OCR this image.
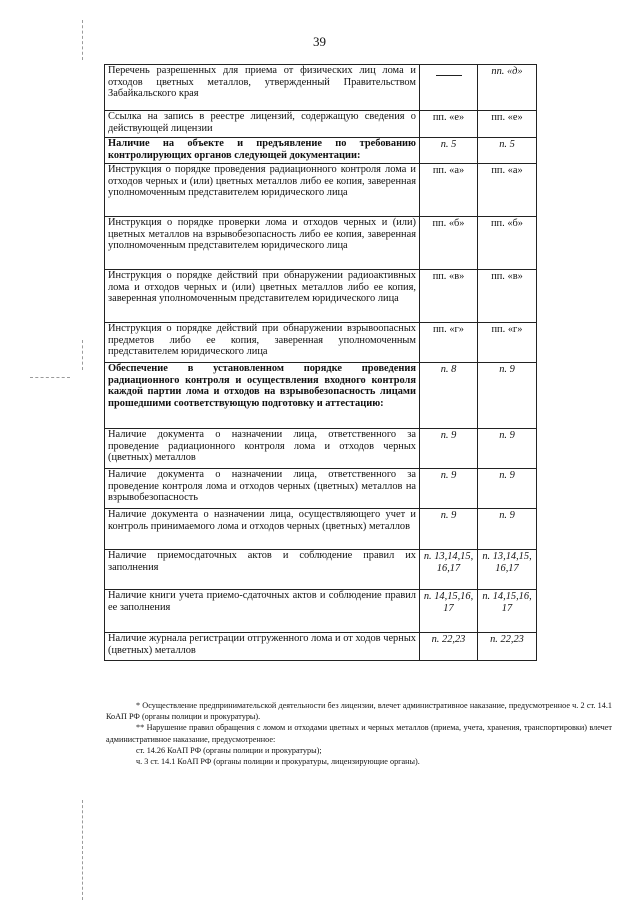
39
Перечень разрешенных для приема от физических лиц лома и отходов цветных металлов, утвержденный Правительством Забайкальского края		пп. «д»
Ссылка на запись в реестре лицензий, содержащую сведения о действующей лицензии	пп. «е»	пп. «е»
Наличие на объекте и предъявление по требованию контролирующих органов следующей документации:	п. 5	п. 5
Инструкция о порядке проведения радиационного контроля лома и отходов черных и (или) цветных металлов либо ее копия, заверенная уполномоченным представителем юридического лица	пп. «а»	пп. «а»
Инструкция о порядке проверки лома и отходов черных и (или) цветных металлов на взрывобезопасность либо ее копия, заверенная уполномоченным представителем юридического лица	пп. «б»	пп. «б»
Инструкция о порядке действий при обнаружении радиоактивных лома и отходов черных и (или) цветных металлов либо ее копия, заверенная уполномоченным представителем юридического лица	пп. «в»	пп. «в»
Инструкция о порядке действий при обнаружении взрывоопасных предметов либо ее копия, заверенная уполномоченным представителем юридического лица	пп. «г»	пп. «г»
Обеспечение в установленном порядке проведения радиационного контроля и осуществления входного контроля каждой партии лома и отходов на взрывобезопасность лицами прошедшими соответствующую подготовку и аттестацию:	п. 8	п. 9
Наличие документа о назначении лица, ответственного за проведение радиационного контроля лома и отходов черных (цветных) металлов	п. 9	п. 9
Наличие документа о назначении лица, ответственного за проведение контроля лома и отходов черных (цветных) металлов на взрывобезопасность	п. 9	п. 9
Наличие документа о назначении лица, осуществляющего учет и контроль принимаемого лома и отходов черных (цветных) металлов	п. 9	п. 9
Наличие приемосдаточных актов и соблюдение правил их заполнения	п. 13,14,15, 16,17	п. 13,14,15, 16,17
Наличие книги учета приемо-сдаточных актов и соблюдение правил ее заполнения	п. 14,15,16, 17	п. 14,15,16, 17
Наличие журнала регистрации отгруженного лома и от ходов черных (цветных) металлов	п. 22,23	п. 22,23

* Осуществление предпринимательской деятельности без лицензии, влечет административное наказание, предусмотренное ч. 2 ст. 14.1 КоАП РФ (органы полиции и прокуратуры).

** Нарушение правил обращения с ломом и отходами цветных и черных металлов (приема, учета, хранения, транспортировки) влечет административное наказание, предусмотренное:

ст. 14.26 КоАП РФ (органы полиции и прокуратуры);

ч. 3 ст. 14.1 КоАП РФ (органы полиции и прокуратуры, лицензирующие органы).
